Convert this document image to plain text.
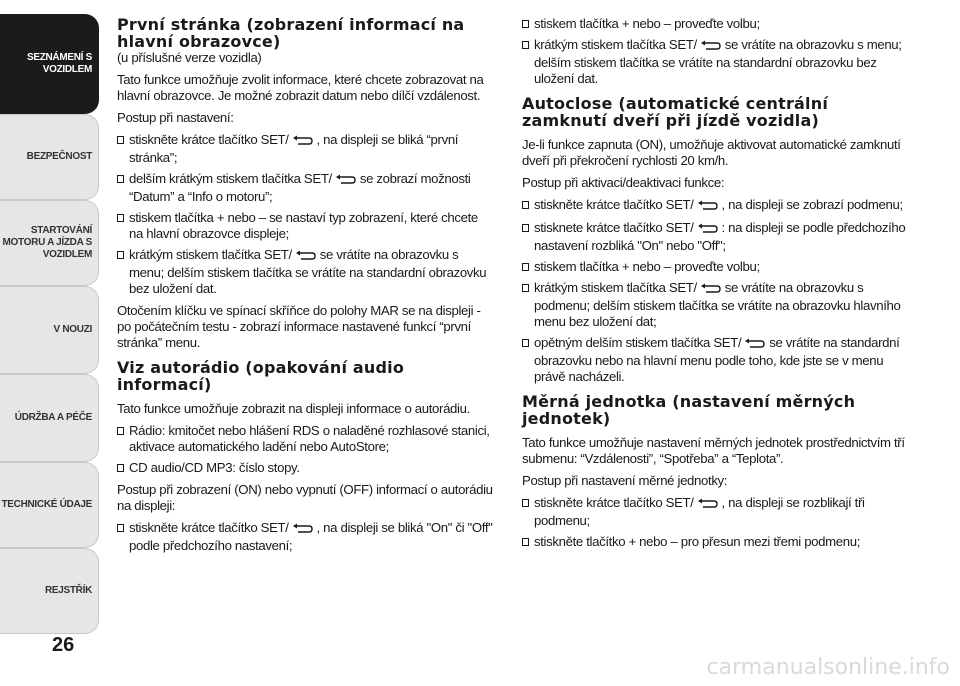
SEZNÁMENÍ S VOZIDLEM
BEZPEČNOST
STARTOVÁNÍ MOTORU A JÍZDA S VOZIDLEM
V NOUZI
ÚDRŽBA A PÉČE
TECHNICKÉ ÚDAJE
REJSTŘÍK
26
První stránka (zobrazení informací na hlavní obrazovce)
(u příslušné verze vozidla)

Tato funkce umožňuje zvolit informace, které chcete zobrazovat na hlavní obrazovce. Je možné zobrazit datum nebo dílčí vzdálenost.

Postup při nastavení:

stiskněte krátce tlačítko SET/ , na displeji se bliká “první stránka”;
delším krátkým stiskem tlačítka SET/ se zobrazí možnosti “Datum” a “Info o motoru”;
stiskem tlačítka + nebo – se nastaví typ zobrazení, které chcete na hlavní obrazovce displeje;
krátkým stiskem tlačítka SET/ se vrátíte na obrazovku s menu; delším stiskem tlačítka se vrátíte na standardní obrazovku bez uložení dat.

Otočením klíčku ve spínací skříňce do polohy MAR se na displeji - po počátečním testu - zobrazí informace nastavené funkcí “první stránka” menu.

Viz autorádio (opakování audio informací)

Tato funkce umožňuje zobrazit na displeji informace o autorádiu.

Rádio: kmitočet nebo hlášení RDS o naladěné rozhlasové stanici, aktivace automatického ladění nebo AutoStore;
CD audio/CD MP3: číslo stopy.

Postup při zobrazení (ON) nebo vypnutí (OFF) informací o autorádiu na displeji:

stiskněte krátce tlačítko SET/ , na displeji se bliká "On" či "Off" podle předchozího nastavení;
stiskem tlačítka + nebo – proveďte volbu;
krátkým stiskem tlačítka SET/ se vrátíte na obrazovku s menu; delším stiskem tlačítka se vrátíte na standardní obrazovku bez uložení dat.
Autoclose (automatické centrální zamknutí dveří při jízdě vozidla)

Je-li funkce zapnuta (ON), umožňuje aktivovat automatické zamknutí dveří při překročení rychlosti 20 km/h.

Postup při aktivaci/deaktivaci funkce:

stiskněte krátce tlačítko SET/ , na displeji se zobrazí podmenu;
stisknete krátce tlačítko SET/ : na displeji se podle předchozího nastavení rozbliká "On" nebo "Off";
stiskem tlačítka + nebo – proveďte volbu;
krátkým stiskem tlačítka SET/ se vrátíte na obrazovku s podmenu; delším stiskem tlačítka se vrátíte na obrazovku hlavního menu bez uložení dat;
opětným delším stiskem tlačítka SET/ se vrátíte na standardní obrazovku nebo na hlavní menu podle toho, kde jste se v menu právě nacházeli.
Měrná jednotka (nastavení měrných jednotek)

Tato funkce umožňuje nastavení měrných jednotek prostřednictvím tří submenu: “Vzdálenosti”, “Spotřeba” a “Teplota”.

Postup při nastavení měrné jednotky:

stiskněte krátce tlačítko SET/ , na displeji se rozblikají tři podmenu;
stiskněte tlačítko + nebo – pro přesun mezi třemi podmenu;
carmanualsonline.info
